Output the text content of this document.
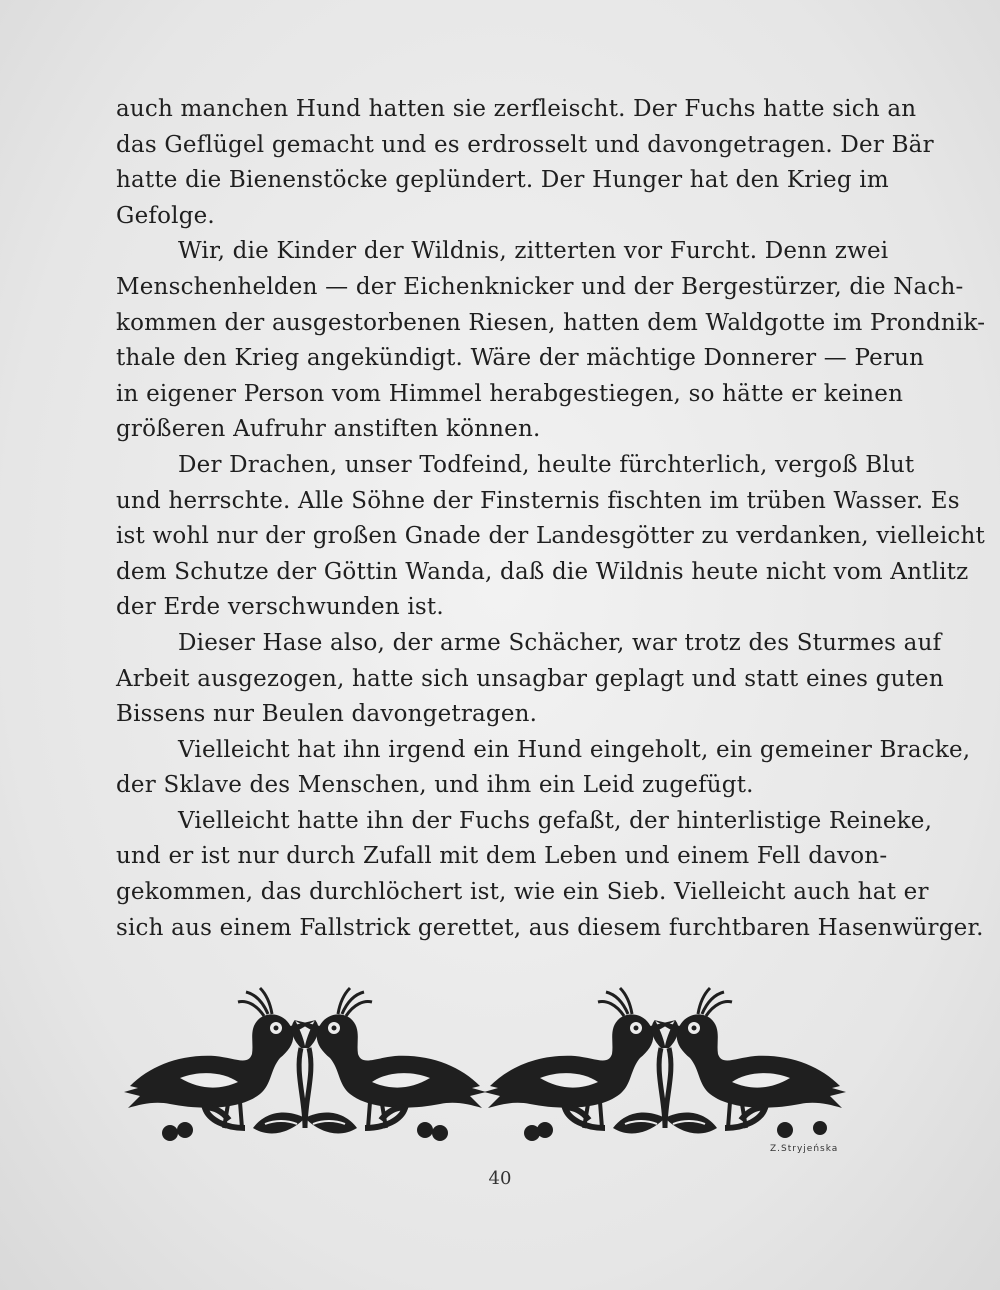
auch manchen Hund hatten sie zerfleischt. Der Fuchs hatte sich an
das Geflügel gemacht und es erdrosselt und davongetragen. Der Bär
hatte die Bienenstöcke geplündert. Der Hunger hat den Krieg im
Gefolge.
Wir, die Kinder der Wildnis, zitterten vor Furcht. Denn zwei
Menschenhelden — der Eichenknicker und der Bergestürzer, die Nach-
kommen der ausgestorbenen Riesen, hatten dem Waldgotte im Prondnik-
thale den Krieg angekündigt. Wäre der mächtige Donnerer — Perun
in eigener Person vom Himmel herabgestiegen, so hätte er keinen
größeren Aufruhr anstiften können.
Der Drachen, unser Todfeind, heulte fürchterlich, vergoß Blut
und herrschte. Alle Söhne der Finsternis fischten im trüben Wasser. Es
ist wohl nur der großen Gnade der Landesgötter zu verdanken, vielleicht
dem Schutze der Göttin Wanda, daß die Wildnis heute nicht vom Antlitz
der Erde verschwunden ist.
Dieser Hase also, der arme Schächer, war trotz des Sturmes auf
Arbeit ausgezogen, hatte sich unsagbar geplagt und statt eines guten
Bissens nur Beulen davongetragen.
Vielleicht hat ihn irgend ein Hund eingeholt, ein gemeiner Bracke,
der Sklave des Menschen, und ihm ein Leid zugefügt.
Vielleicht hatte ihn der Fuchs gefaßt, der hinterlistige Reineke,
und er ist nur durch Zufall mit dem Leben und einem Fell davon-
gekommen, das durchlöchert ist, wie ein Sieb. Vielleicht auch hat er
sich aus einem Fallstrick gerettet, aus diesem furchtbaren Hasenwürger.
Z.Stryjeńska
40
